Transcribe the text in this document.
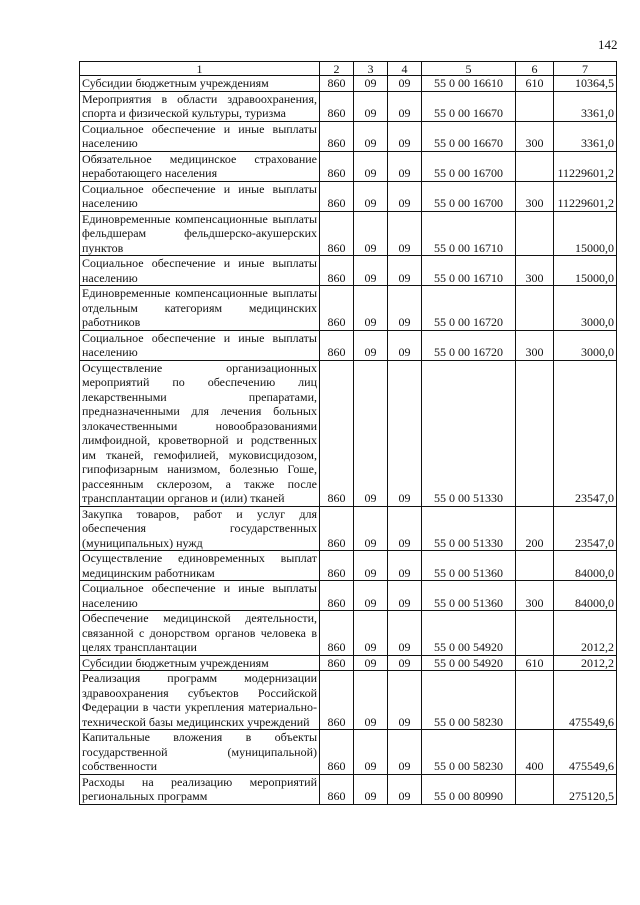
142
1	2	3	4	5	6	7
Субсидии бюджетным учреждениям	860	09	09	55 0 00 16610	610	10364,5
Мероприятия в области здравоохранения, спорта и физической культуры, туризма	860	09	09	55 0 00 16670		3361,0
Социальное обеспечение и иные выплаты населению	860	09	09	55 0 00 16670	300	3361,0
Обязательное медицинское страхование неработающего населения	860	09	09	55 0 00 16700		11229601,2
Социальное обеспечение и иные выплаты населению	860	09	09	55 0 00 16700	300	11229601,2
Единовременные компенсационные выплаты фельдшерам фельдшерско-акушерских пунктов	860	09	09	55 0 00 16710		15000,0
Социальное обеспечение и иные выплаты населению	860	09	09	55 0 00 16710	300	15000,0
Единовременные компенсационные выплаты отдельным категориям медицинских работников	860	09	09	55 0 00 16720		3000,0
Социальное обеспечение и иные выплаты населению	860	09	09	55 0 00 16720	300	3000,0
Осуществление организационных мероприятий по обеспечению лиц лекарственными препаратами, предназначенными для лечения больных злокачественными новообразованиями лимфоидной, кроветворной и родственных им тканей, гемофилией, муковисцидозом, гипофизарным нанизмом, болезнью Гоше, рассеянным склерозом, а также после трансплантации органов и (или) тканей	860	09	09	55 0 00 51330		23547,0
Закупка товаров, работ и услуг для обеспечения государственных (муниципальных) нужд	860	09	09	55 0 00 51330	200	23547,0
Осуществление единовременных выплат медицинским работникам	860	09	09	55 0 00 51360		84000,0
Социальное обеспечение и иные выплаты населению	860	09	09	55 0 00 51360	300	84000,0
Обеспечение медицинской деятельности, связанной с донорством органов человека в целях трансплантации	860	09	09	55 0 00 54920		2012,2
Субсидии бюджетным учреждениям	860	09	09	55 0 00 54920	610	2012,2
Реализация программ модернизации здравоохранения субъектов Российской Федерации в части укрепления материально-технической базы медицинских учреждений	860	09	09	55 0 00 58230		475549,6
Капитальные вложения в объекты государственной (муниципальной) собственности	860	09	09	55 0 00 58230	400	475549,6
Расходы на реализацию мероприятий региональных программ	860	09	09	55 0 00 80990		275120,5
